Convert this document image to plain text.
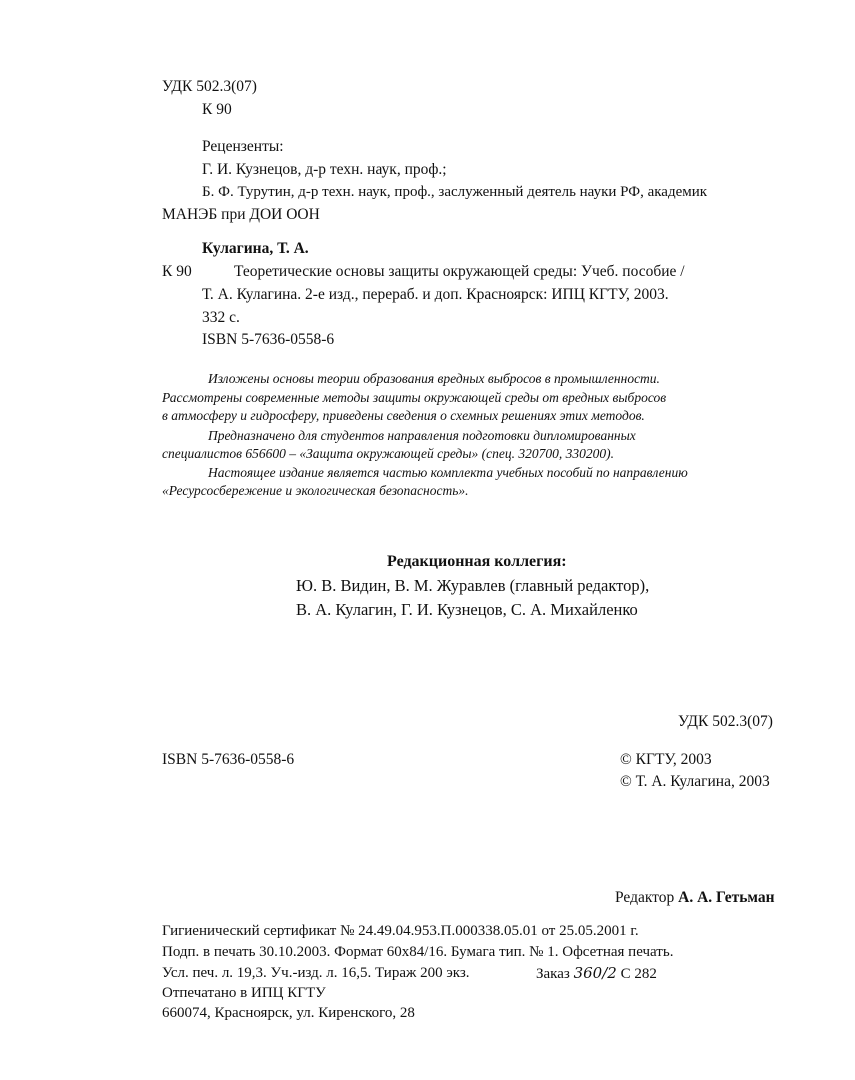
УДК 502.3(07)
К 90
Рецензенты:
Г. И. Кузнецов, д-р техн. наук, проф.;
Б. Ф. Турутин, д-р техн. наук, проф., заслуженный деятель науки РФ, академик
МАНЭБ при ДОИ ООН
Кулагина, Т. А.
К 90	Теоретические основы защиты окружающей среды: Учеб. пособие /
Т. А. Кулагина. 2-е изд., перераб. и доп. Красноярск: ИПЦ КГТУ, 2003.
332 с.
ISBN 5-7636-0558-6
Изложены основы теории образования вредных выбросов в промышленности.
Рассмотрены современные методы защиты окружающей среды от вредных выбросов
в атмосферу и гидросферу, приведены сведения о схемных решениях этих методов.
Предназначено для студентов направления подготовки дипломированных
специалистов 656600 – «Защита окружающей среды» (спец. 320700, 330200).
Настоящее издание является частью комплекта учебных пособий по направлению
«Ресурсосбережение и экологическая безопасность».
Редакционная коллегия:
Ю. В. Видин, В. М. Журавлев (главный редактор),
В. А. Кулагин, Г. И. Кузнецов, С. А. Михайленко
УДК 502.3(07)
ISBN 5-7636-0558-6	© КГТУ, 2003
© Т. А. Кулагина, 2003
Редактор А. А. Гетьман
Гигиенический сертификат № 24.49.04.953.П.000338.05.01 от 25.05.2001 г.
Подп. в печать 30.10.2003. Формат 60х84/16. Бумага тип. № 1. Офсетная печать.
Усл. печ. л. 19,3. Уч.-изд. л. 16,5. Тираж 200 экз.	Заказ 360/2 С 282
Отпечатано в ИПЦ КГТУ
660074, Красноярск, ул. Киренского, 28
